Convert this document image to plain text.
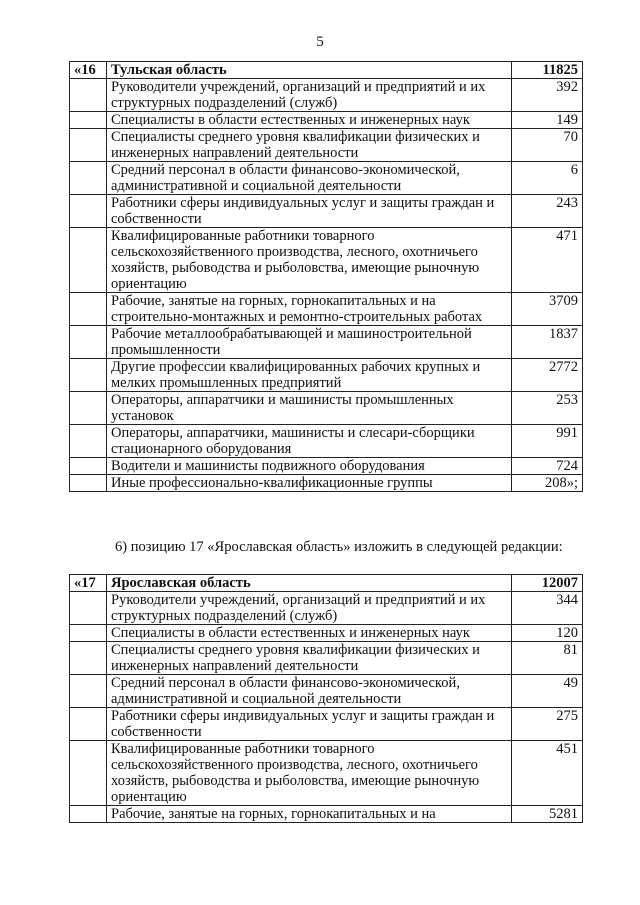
5
«16	Тульская область	11825
	Руководители учреждений, организаций и предприятий и их структурных подразделений (служб)	392
	Специалисты в области естественных и инженерных наук	149
	Специалисты среднего уровня квалификации физических и инженерных направлений деятельности	70
	Средний персонал в области финансово-экономической, административной и социальной деятельности	6
	Работники сферы индивидуальных услуг и защиты граждан и собственности	243
	Квалифицированные работники товарного сельскохозяйственного производства, лесного, охотничьего хозяйств, рыбоводства и рыболовства, имеющие рыночную ориентацию	471
	Рабочие, занятые на горных, горнокапитальных и на строительно-монтажных и ремонтно-строительных работах	3709
	Рабочие металлообрабатывающей и машиностроительной промышленности	1837
	Другие профессии квалифицированных рабочих крупных и мелких промышленных предприятий	2772
	Операторы, аппаратчики и машинисты промышленных установок	253
	Операторы, аппаратчики, машинисты и слесари-сборщики стационарного оборудования	991
	Водители и машинисты подвижного оборудования	724
	Иные профессионально-квалификационные группы	208»;
6) позицию 17 «Ярославская область» изложить в следующей редакции:
«17	Ярославская область	12007
	Руководители учреждений, организаций и предприятий и их структурных подразделений (служб)	344
	Специалисты в области естественных и инженерных наук	120
	Специалисты среднего уровня квалификации физических и инженерных направлений деятельности	81
	Средний персонал в области финансово-экономической, административной и социальной деятельности	49
	Работники сферы индивидуальных услуг и защиты граждан и собственности	275
	Квалифицированные работники товарного сельскохозяйственного производства, лесного, охотничьего хозяйств, рыбоводства и рыболовства, имеющие рыночную ориентацию	451
	Рабочие, занятые на горных, горнокапитальных и на	5281
